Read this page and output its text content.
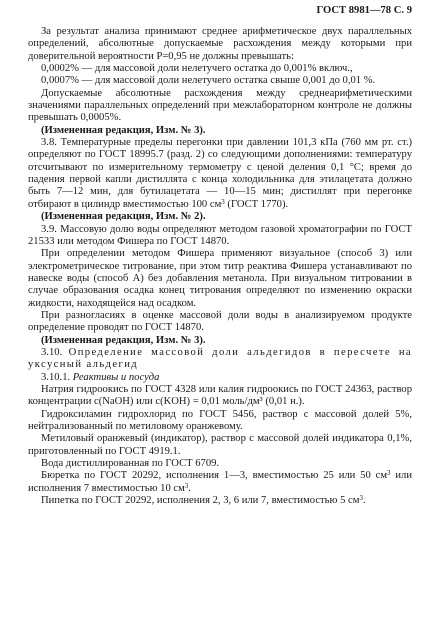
ГОСТ 8981—78 С. 9

За результат анализа принимают среднее арифметическое двух параллельных определений, абсолютные допускаемые расхождения между которыми при доверительной вероятности P=0,95 не должны превышать:

0,0002% — для массовой доли нелетучего остатка до 0,001% включ.,

0,0007% — для массовой доли нелетучего остатка свыше 0,001 до 0,01 %.

Допускаемые абсолютные расхождения между среднеарифметическими значениями параллельных определений при межлабораторном контроле не должны превышать 0,0005%.

(Измененная редакция, Изм. № 3).

3.8. Температурные пределы перегонки при давлении 101,3 кПа (760 мм рт. ст.) определяют по ГОСТ 18995.7 (разд. 2) со следующими дополнениями: температуру отсчитывают по измерительному термометру с ценой деления 0,1 °С; время до падения первой капли дистиллята с конца холодильника для этилацетата должно быть 7—12 мин, для бутилацетата — 10—15 мин; дистиллят при перегонке отбирают в цилиндр вместимостью 100 $см^3$ (ГОСТ 1770).

(Измененная редакция, Изм. № 2).

3.9. Массовую долю воды определяют методом газовой хроматографии по ГОСТ 21533 или методом Фишера по ГОСТ 14870.

При определении методом Фишера применяют визуальное (способ 3) или электрометрическое титрование, при этом титр реактива Фишера устанавливают по навеске воды (способ А) без добавления метанола. При визуальном титровании в случае образования осадка конец титрования определяют по изменению окраски жидкости, находящейся над осадком.

При разногласиях в оценке массовой доли воды в анализируемом продукте определение проводят по ГОСТ 14870.

(Измененная редакция, Изм. № 3).

3.10. Определение массовой доли альдегидов в пересчете на уксусный альдегид

3.10.1. Реактивы и посуда

Натрия гидроокись по ГОСТ 4328 или калия гидроокись по ГОСТ 24363, раствор концентрации с(NaOH) или с(KOH) = 0,01 моль/дм³ (0,01 н.).

Гидроксиламин гидрохлорид по ГОСТ 5456, раствор с массовой долей 5%, нейтрализованный по метиловому оранжевому.

Метиловый оранжевый (индикатор), раствор с массовой долей индикатора 0,1%, приготовленный по ГОСТ 4919.1.

Вода дистиллированная по ГОСТ 6709.

Бюретка по ГОСТ 20292, исполнения 1—3, вместимостью 25 или 50 $см^3$ или исполнения 7 вместимостью 10 $см^3$.

Пипетка по ГОСТ 20292, исполнения 2, 3, 6 или 7, вместимостью 5 $см^3$.
